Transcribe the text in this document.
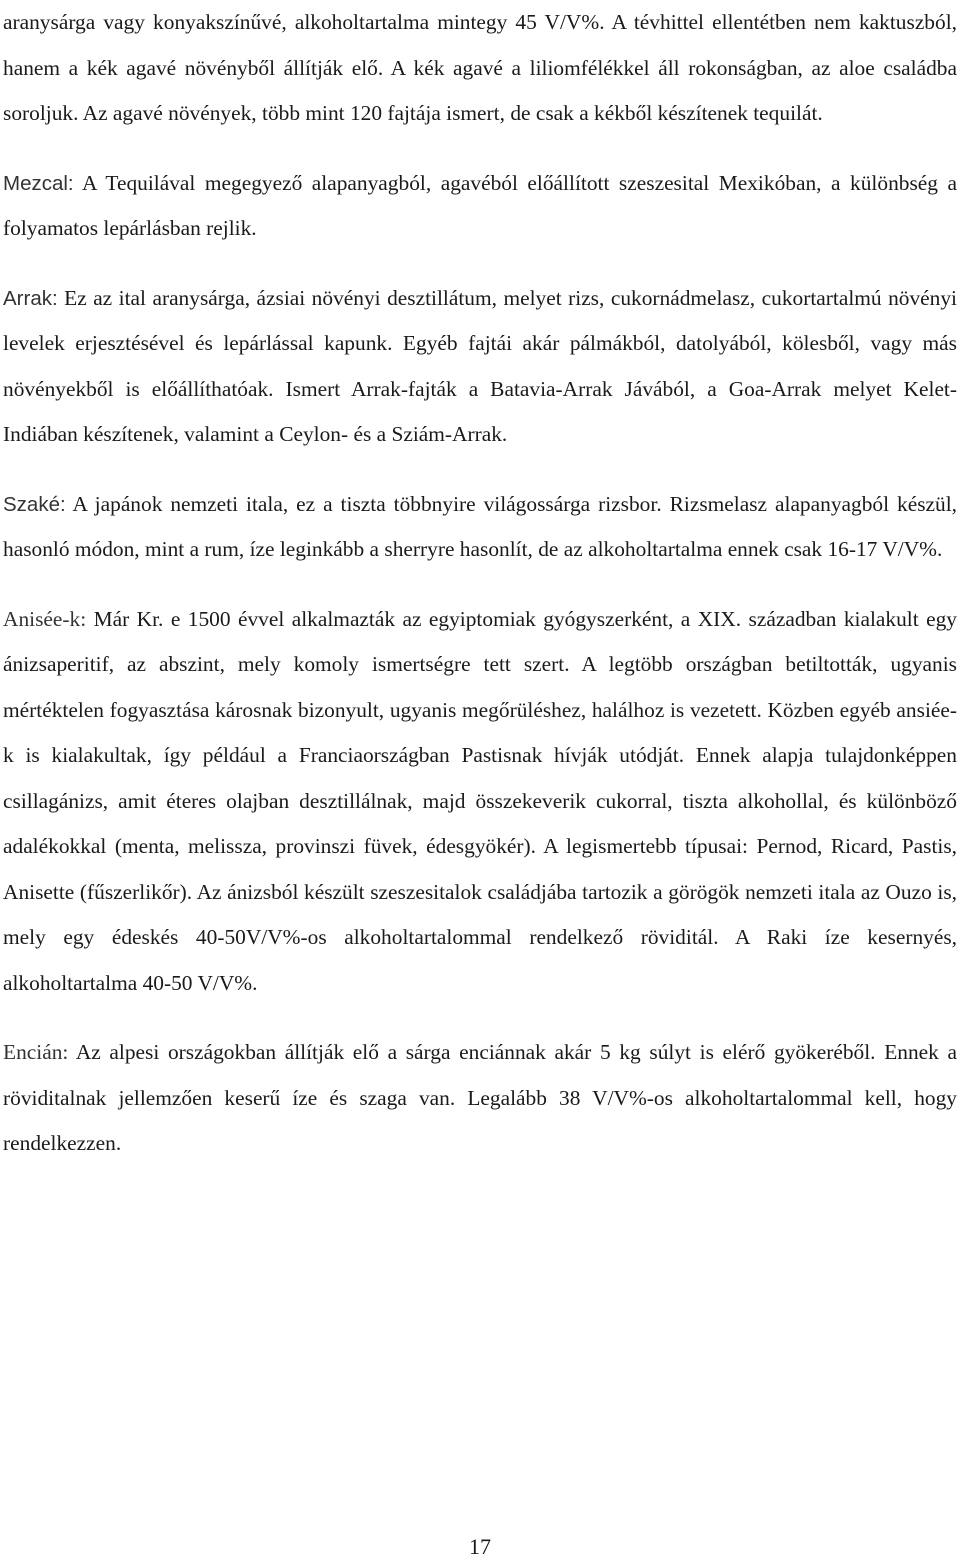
aranysárga vagy konyakszínűvé, alkoholtartalma mintegy 45 V/V%. A tévhittel ellentétben nem kaktuszból, hanem a kék agavé növényből állítják elő. A kék agavé a liliomfélékkel áll rokonságban, az aloe családba soroljuk. Az agavé növények, több mint 120 fajtája ismert, de csak a kékből készítenek tequilát.

Mezcal: A Tequilával megegyező alapanyagból, agavéból előállított szeszesital Mexikóban, a különbség a folyamatos lepárlásban rejlik.

Arrak: Ez az ital aranysárga, ázsiai növényi desztillátum, melyet rizs, cukornádmelasz, cukortartalmú növényi levelek erjesztésével és lepárlással kapunk. Egyéb fajtái akár pálmákból, datolyából, kölesből, vagy más növényekből is előállíthatóak. Ismert Arrak-fajták a Batavia-Arrak Jávából, a Goa-Arrak melyet Kelet-Indiában készítenek, valamint a Ceylon- és a Sziám-Arrak.

Szaké: A japánok nemzeti itala, ez a tiszta többnyire világossárga rizsbor. Rizsmelasz alapanyagból készül, hasonló módon, mint a rum, íze leginkább a sherryre hasonlít, de az alkoholtartalma ennek csak 16-17 V/V%.

Anisée-k: Már Kr. e 1500 évvel alkalmazták az egyiptomiak gyógyszerként, a XIX. században kialakult egy ánizsaperitif, az abszint, mely komoly ismertségre tett szert. A legtöbb országban betiltották, ugyanis mértéktelen fogyasztása károsnak bizonyult, ugyanis megőrüléshez, halálhoz is vezetett. Közben egyéb ansiée-k is kialakultak, így például a Franciaországban Pastisnak hívják utódját. Ennek alapja tulajdonképpen csillagánizs, amit éteres olajban desztillálnak, majd összekeverik cukorral, tiszta alkohollal, és különböző adalékokkal (menta, melissza, provinszi füvek, édesgyökér). A legismertebb típusai: Pernod, Ricard, Pastis, Anisette (fűszerlikőr). Az ánizsból készült szeszesitalok családjába tartozik a görögök nemzeti itala az Ouzo is, mely egy édeskés 40-50V/V%-os alkoholtartalommal rendelkező röviditál. A Raki íze kesernyés, alkoholtartalma 40-50 V/V%.

Encián: Az alpesi országokban állítják elő a sárga enciánnak akár 5 kg súlyt is elérő gyökeréből. Ennek a röviditalnak jellemzően keserű íze és szaga van. Legalább 38 V/V%-os alkoholtartalommal kell, hogy rendelkezzen.

17
